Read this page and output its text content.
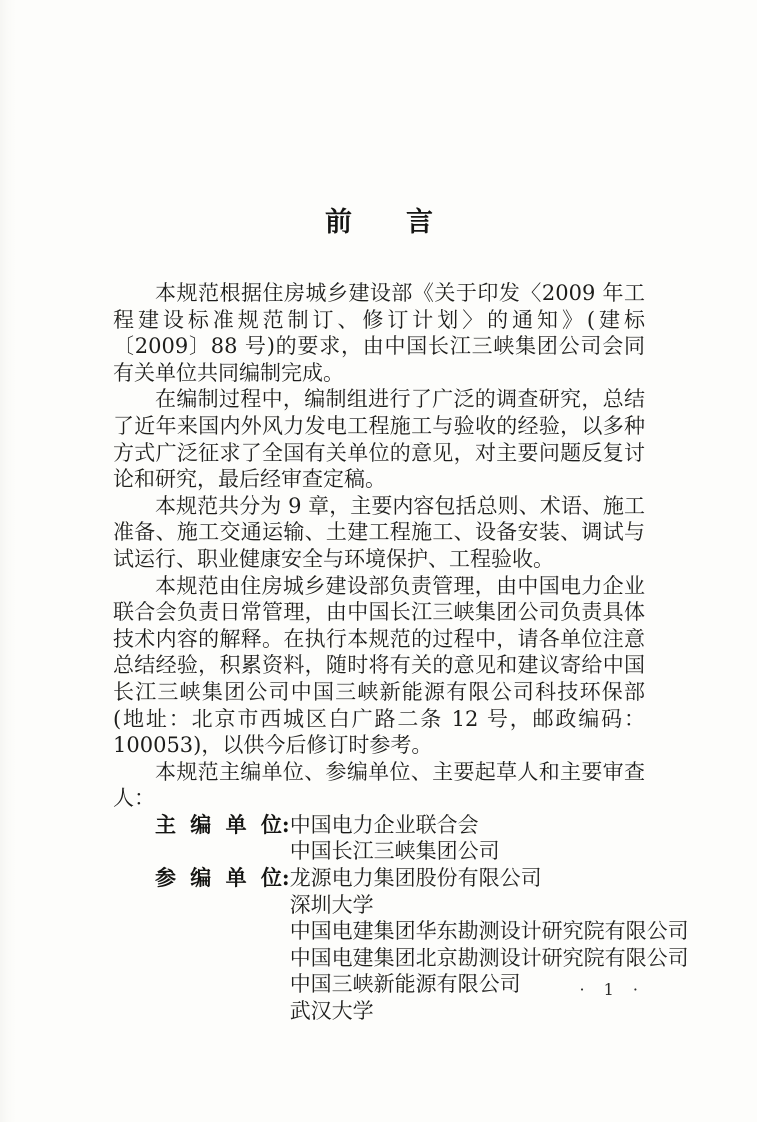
前　　言

本规范根据住房城乡建设部《关于印发〈2009 年工程建设标准规范制订、修订计划〉的通知》(建标〔2009〕88 号)的要求，由中国长江三峡集团公司会同有关单位共同编制完成。

在编制过程中，编制组进行了广泛的调查研究，总结了近年来国内外风力发电工程施工与验收的经验，以多种方式广泛征求了全国有关单位的意见，对主要问题反复讨论和研究，最后经审查定稿。

本规范共分为 9 章，主要内容包括总则、术语、施工准备、施工交通运输、土建工程施工、设备安装、调试与试运行、职业健康安全与环境保护、工程验收。

本规范由住房城乡建设部负责管理，由中国电力企业联合会负责日常管理，由中国长江三峡集团公司负责具体技术内容的解释。在执行本规范的过程中，请各单位注意总结经验，积累资料，随时将有关的意见和建议寄给中国长江三峡集团公司中国三峡新能源有限公司科技环保部(地址：北京市西城区白广路二条 12 号，邮政编码：100053)，以供今后修订时参考。

本规范主编单位、参编单位、主要起草人和主要审查人：

主 编 单 位: 中国电力企业联合会
中国长江三峡集团公司
参 编 单 位: 龙源电力集团股份有限公司
深圳大学
中国电建集团华东勘测设计研究院有限公司
中国电建集团北京勘测设计研究院有限公司
中国三峡新能源有限公司
武汉大学
· 1 ·
